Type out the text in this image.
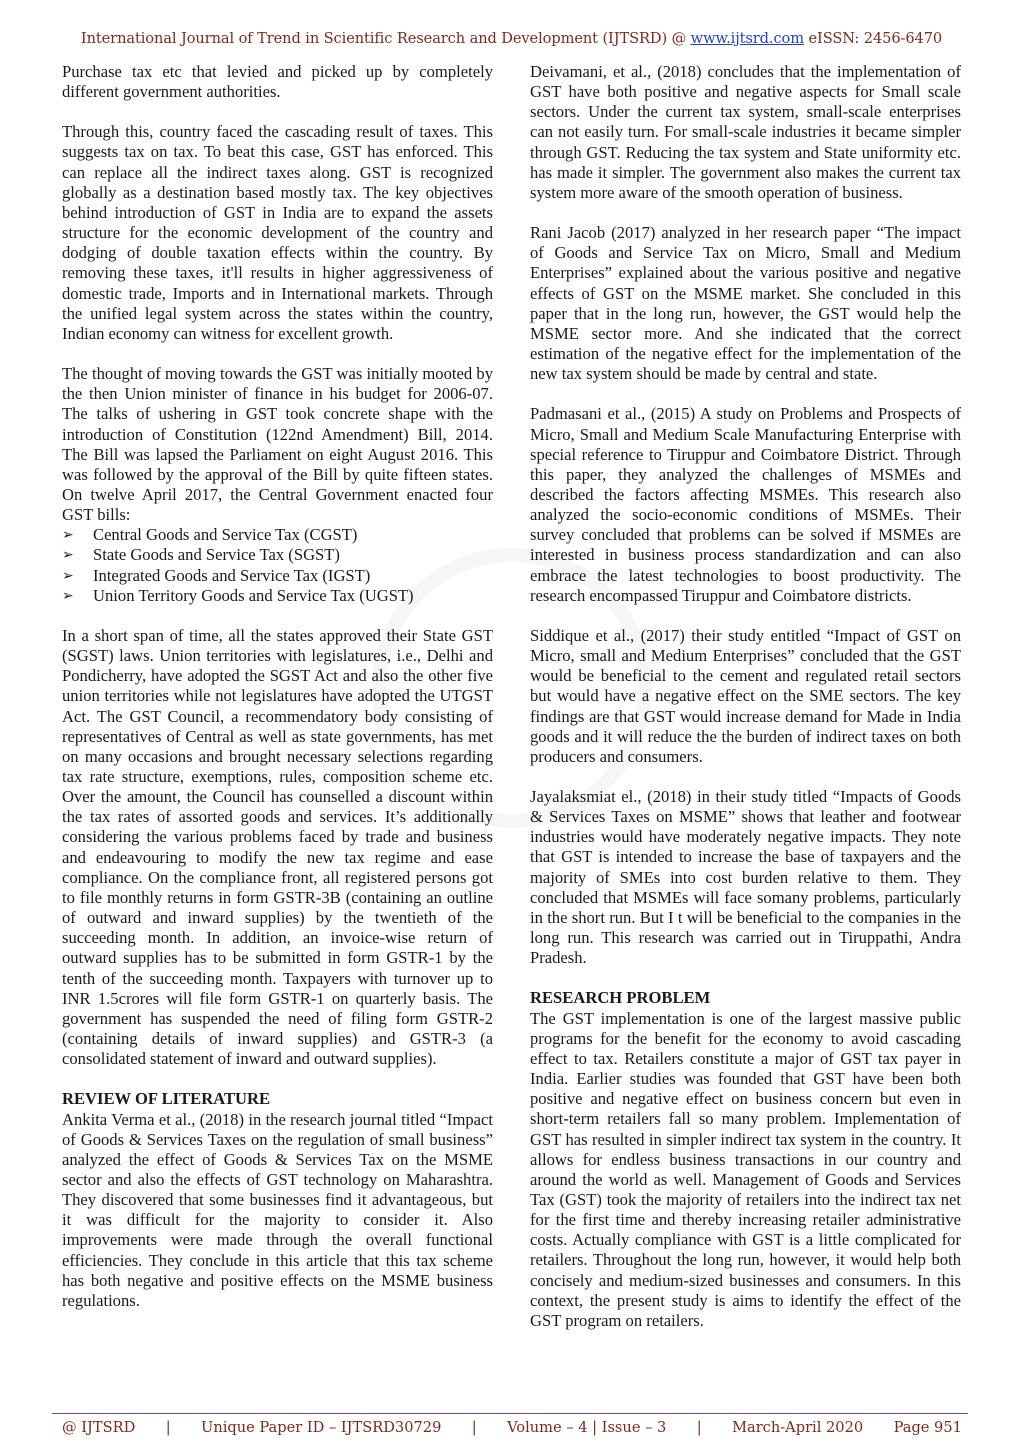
International Journal of Trend in Scientific Research and Development (IJTSRD) @ www.ijtsrd.com eISSN: 2456-6470

Purchase tax etc that levied and picked up by completely different government authorities.

Through this, country faced the cascading result of taxes. This suggests tax on tax. To beat this case, GST has enforced. This can replace all the indirect taxes along. GST is recognized globally as a destination based mostly tax. The key objectives behind introduction of GST in India are to expand the assets structure for the economic development of the country and dodging of double taxation effects within the country. By removing these taxes, it'll results in higher aggressiveness of domestic trade, Imports and in International markets. Through the unified legal system across the states within the country, Indian economy can witness for excellent growth.

The thought of moving towards the GST was initially mooted by the then Union minister of finance in his budget for 2006-07. The talks of ushering in GST took concrete shape with the introduction of Constitution (122nd Amendment) Bill, 2014. The Bill was lapsed the Parliament on eight August 2016. This was followed by the approval of the Bill by quite fifteen states. On twelve April 2017, the Central Government enacted four GST bills:

➢ Central Goods and Service Tax (CGST)
➢ State Goods and Service Tax (SGST)
➢ Integrated Goods and Service Tax (IGST)
➢ Union Territory Goods and Service Tax (UGST)

In a short span of time, all the states approved their State GST (SGST) laws. Union territories with legislatures, i.e., Delhi and Pondicherry, have adopted the SGST Act and also the other five union territories while not legislatures have adopted the UTGST Act. The GST Council, a recommendatory body consisting of representatives of Central as well as state governments, has met on many occasions and brought necessary selections regarding tax rate structure, exemptions, rules, composition scheme etc. Over the amount, the Council has counselled a discount within the tax rates of assorted goods and services. It’s additionally considering the various problems faced by trade and business and endeavouring to modify the new tax regime and ease compliance. On the compliance front, all registered persons got to file monthly returns in form GSTR-3B (containing an outline of outward and inward supplies) by the twentieth of the succeeding month. In addition, an invoice-wise return of outward supplies has to be submitted in form GSTR-1 by the tenth of the succeeding month. Taxpayers with turnover up to INR 1.5crores will file form GSTR-1 on quarterly basis. The government has suspended the need of filing form GSTR-2 (containing details of inward supplies) and GSTR-3 (a consolidated statement of inward and outward supplies).

REVIEW OF LITERATURE

Ankita Verma et al., (2018) in the research journal titled “Impact of Goods & Services Taxes on the regulation of small business” analyzed the effect of Goods & Services Tax on the MSME sector and also the effects of GST technology on Maharashtra. They discovered that some businesses find it advantageous, but it was difficult for the majority to consider it. Also improvements were made through the overall functional efficiencies. They conclude in this article that this tax scheme has both negative and positive effects on the MSME business regulations.

Deivamani, et al., (2018) concludes that the implementation of GST have both positive and negative aspects for Small scale sectors. Under the current tax system, small-scale enterprises can not easily turn. For small-scale industries it became simpler through GST. Reducing the tax system and State uniformity etc. has made it simpler. The government also makes the current tax system more aware of the smooth operation of business.

Rani Jacob (2017) analyzed in her research paper “The impact of Goods and Service Tax on Micro, Small and Medium Enterprises” explained about the various positive and negative effects of GST on the MSME market. She concluded in this paper that in the long run, however, the GST would help the MSME sector more. And she indicated that the correct estimation of the negative effect for the implementation of the new tax system should be made by central and state.

Padmasani et al., (2015) A study on Problems and Prospects of Micro, Small and Medium Scale Manufacturing Enterprise with special reference to Tiruppur and Coimbatore District. Through this paper, they analyzed the challenges of MSMEs and described the factors affecting MSMEs. This research also analyzed the socio-economic conditions of MSMEs. Their survey concluded that problems can be solved if MSMEs are interested in business process standardization and can also embrace the latest technologies to boost productivity. The research encompassed Tiruppur and Coimbatore districts.

Siddique et al., (2017) their study entitled “Impact of GST on Micro, small and Medium Enterprises” concluded that the GST would be beneficial to the cement and regulated retail sectors but would have a negative effect on the SME sectors. The key findings are that GST would increase demand for Made in India goods and it will reduce the the burden of indirect taxes on both producers and consumers.

Jayalaksmiat el., (2018) in their study titled “Impacts of Goods & Services Taxes on MSME” shows that leather and footwear industries would have moderately negative impacts. They note that GST is intended to increase the base of taxpayers and the majority of SMEs into cost burden relative to them. They concluded that MSMEs will face somany problems, particularly in the short run. But I t will be beneficial to the companies in the long run. This research was carried out in Tiruppathi, Andra Pradesh.

RESEARCH PROBLEM

The GST implementation is one of the largest massive public programs for the benefit for the economy to avoid cascading effect to tax. Retailers constitute a major of GST tax payer in India. Earlier studies was founded that GST have been both positive and negative effect on business concern but even in short-term retailers fall so many problem. Implementation of GST has resulted in simpler indirect tax system in the country. It allows for endless business transactions in our country and around the world as well. Management of Goods and Services Tax (GST) took the majority of retailers into the indirect tax net for the first time and thereby increasing retailer administrative costs. Actually compliance with GST is a little complicated for retailers. Throughout the long run, however, it would help both concisely and medium-sized businesses and consumers. In this context, the present study is aims to identify the effect of the GST program on retailers.

@ IJTSRD | Unique Paper ID – IJTSRD30729 | Volume – 4 | Issue – 3 | March-April 2020 Page 951
